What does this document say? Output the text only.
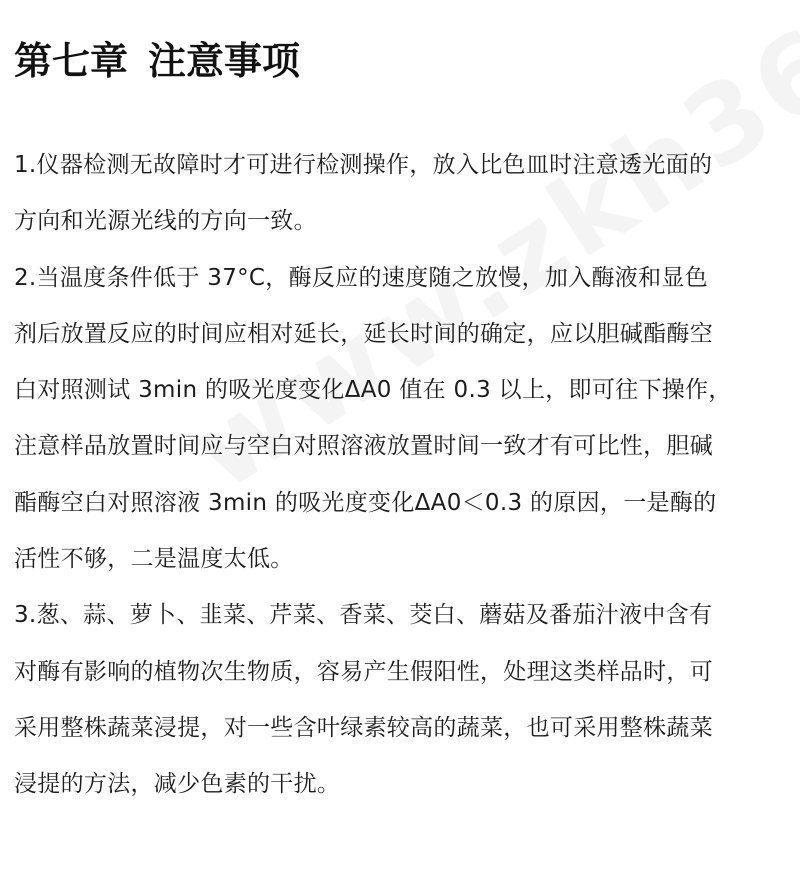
第七章 注意事项

1.仪器检测无故障时才可进行检测操作，放入比色皿时注意透光面的
方向和光源光线的方向一致。

2.当温度条件低于 37°C，酶反应的速度随之放慢，加入酶液和显色
剂后放置反应的时间应相对延长，延长时间的确定，应以胆碱酯酶空
白对照测试 3min 的吸光度变化ΔA0 值在 0.3 以上，即可往下操作，
注意样品放置时间应与空白对照溶液放置时间一致才有可比性，胆碱
酯酶空白对照溶液 3min 的吸光度变化ΔA0＜0.3 的原因，一是酶的
活性不够，二是温度太低。

3.葱、蒜、萝卜、韭菜、芹菜、香菜、茭白、蘑菇及番茄汁液中含有
对酶有影响的植物次生物质，容易产生假阳性，处理这类样品时，可
采用整株蔬菜浸提，对一些含叶绿素较高的蔬菜，也可采用整株蔬菜
浸提的方法，减少色素的干扰。
